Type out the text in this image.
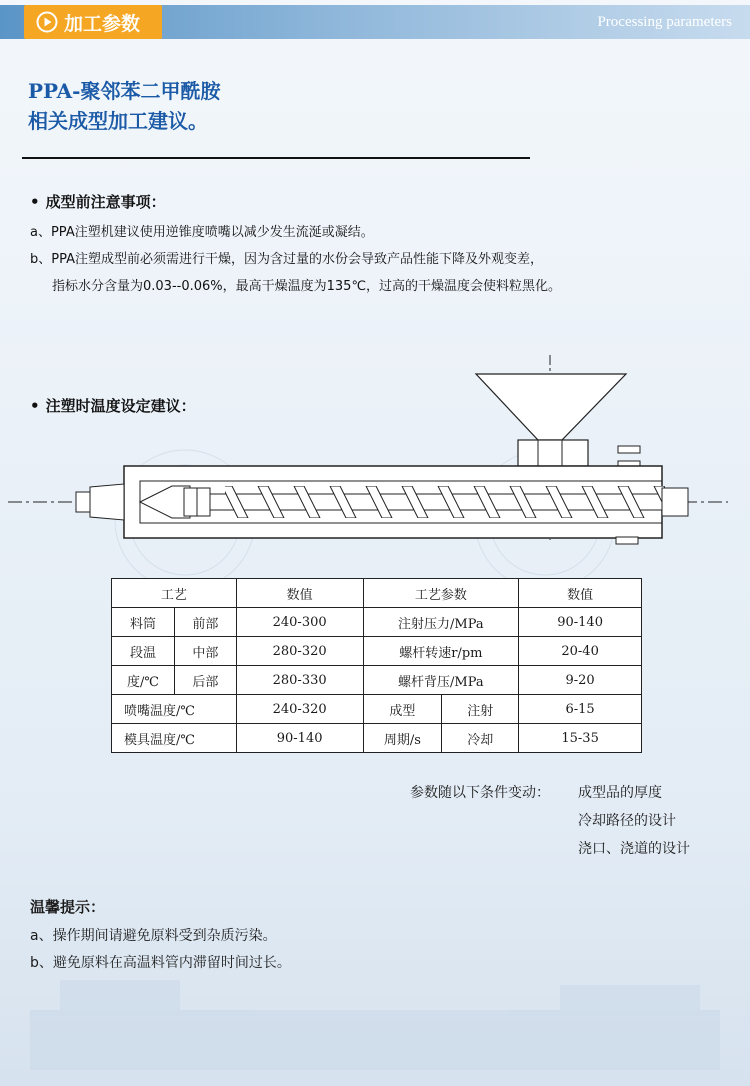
加工参数	Processing parameters
PPA-聚邻苯二甲酰胺
相关成型加工建议。
• 成型前注意事项：
a、PPA注塑机建议使用逆锥度喷嘴以减少发生流涎或凝结。
b、PPA注塑成型前必须需进行干燥，因为含过量的水份会导致产品性能下降及外观变差，
指标水分含量为0.03--0.06%，最高干燥温度为135℃，过高的干燥温度会使料粒黑化。
• 注塑时温度设定建议：
工艺		数值	工艺参数		数值
料筒	前部	240-300	注射压力/MPa		90-140
段温	中部	280-320	螺杆转速r/pm		20-40
度/℃	后部	280-330	螺杆背压/MPa		9-20
喷嘴温度/℃		240-320	成型	注射	6-15
模具温度/℃		90-140	周期/s	冷却	15-35
参数随以下条件变动： 成型品的厚度
冷却路径的设计
浇口、浇道的设计
温馨提示：
a、操作期间请避免原料受到杂质污染。
b、避免原料在高温料管内滞留时间过长。
